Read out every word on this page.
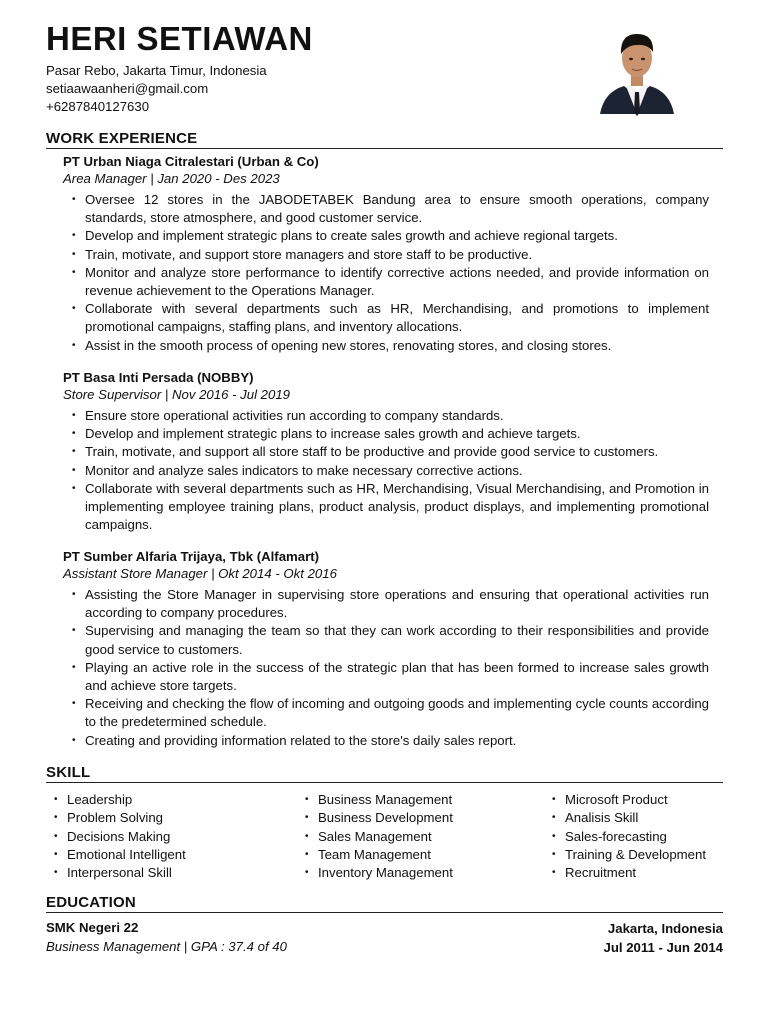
HERI SETIAWAN
Pasar Rebo, Jakarta Timur, Indonesia
setiaawaanheri@gmail.com
+6287840127630
WORK EXPERIENCE
PT Urban Niaga Citralestari (Urban & Co)
Area Manager | Jan 2020 - Des 2023
• Oversee 12 stores in the JABODETABEK Bandung area to ensure smooth operations, company standards, store atmosphere, and good customer service.
• Develop and implement strategic plans to create sales growth and achieve regional targets.
• Train, motivate, and support store managers and store staff to be productive.
• Monitor and analyze store performance to identify corrective actions needed, and provide information on revenue achievement to the Operations Manager.
• Collaborate with several departments such as HR, Merchandising, and promotions to implement promotional campaigns, staffing plans, and inventory allocations.
• Assist in the smooth process of opening new stores, renovating stores, and closing stores.
PT Basa Inti Persada (NOBBY)
Store Supervisor | Nov 2016 - Jul 2019
• Ensure store operational activities run according to company standards.
• Develop and implement strategic plans to increase sales growth and achieve targets.
• Train, motivate, and support all store staff to be productive and provide good service to customers.
• Monitor and analyze sales indicators to make necessary corrective actions.
• Collaborate with several departments such as HR, Merchandising, Visual Merchandising, and Promotion in implementing employee training plans, product analysis, product displays, and implementing promotional campaigns.
PT Sumber Alfaria Trijaya, Tbk (Alfamart)
Assistant Store Manager | Okt 2014 - Okt 2016
• Assisting the Store Manager in supervising store operations and ensuring that operational activities run according to company procedures.
• Supervising and managing the team so that they can work according to their responsibilities and provide good service to customers.
• Playing an active role in the success of the strategic plan that has been formed to increase sales growth and achieve store targets.
• Receiving and checking the flow of incoming and outgoing goods and implementing cycle counts according to the predetermined schedule.
• Creating and providing information related to the store's daily sales report.
SKILL
• Leadership
• Problem Solving
• Decisions Making
• Emotional Intelligent
• Interpersonal Skill
• Business Management
• Business Development
• Sales Management
• Team Management
• Inventory Management
• Microsoft Product
• Analisis Skill
• Sales-forecasting
• Training & Development
• Recruitment
EDUCATION
SMK Negeri 22
Business Management | GPA : 37.4 of 40
Jakarta, Indonesia
Jul 2011 - Jun 2014
